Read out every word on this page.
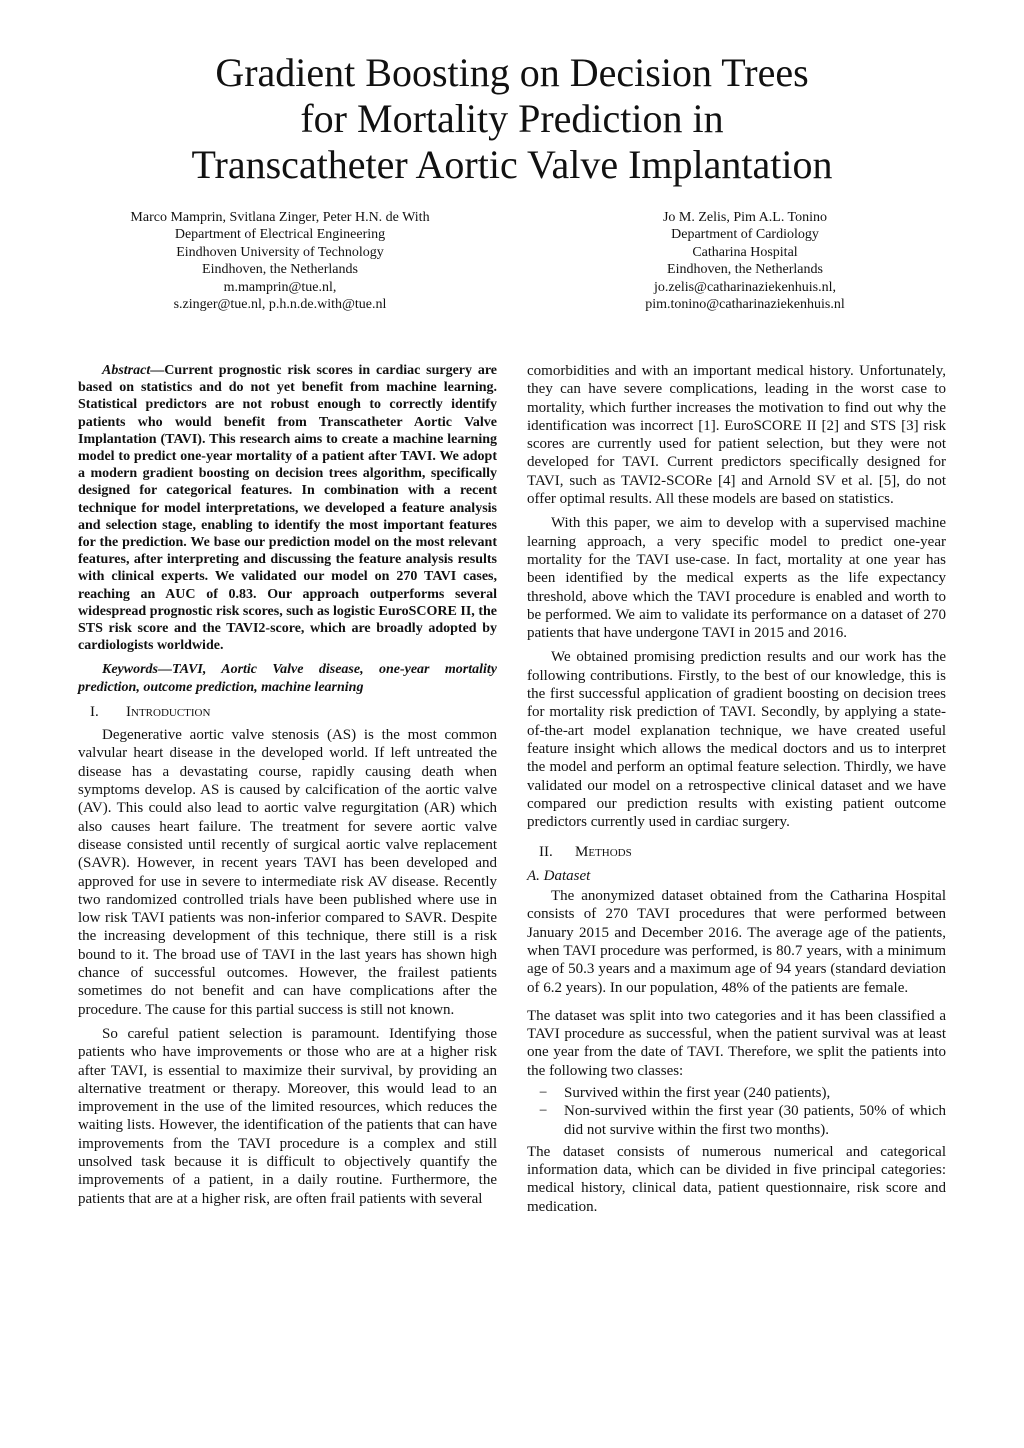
Gradient Boosting on Decision Trees
for Mortality Prediction in
Transcatheter Aortic Valve Implantation
Marco Mamprin, Svitlana Zinger, Peter H.N. de With
Department of Electrical Engineering
Eindhoven University of Technology
Eindhoven, the Netherlands
m.mamprin@tue.nl,
s.zinger@tue.nl, p.h.n.de.with@tue.nl
Jo M. Zelis, Pim A.L. Tonino
Department of Cardiology
Catharina Hospital
Eindhoven, the Netherlands
jo.zelis@catharinaziekenhuis.nl,
pim.tonino@catharinaziekenhuis.nl

Abstract—Current prognostic risk scores in cardiac surgery are based on statistics and do not yet benefit from machine learning. Statistical predictors are not robust enough to correctly identify patients who would benefit from Transcatheter Aortic Valve Implantation (TAVI). This research aims to create a machine learning model to predict one-year mortality of a patient after TAVI. We adopt a modern gradient boosting on decision trees algorithm, specifically designed for categorical features. In combination with a recent technique for model interpretations, we developed a feature analysis and selection stage, enabling to identify the most important features for the prediction. We base our prediction model on the most relevant features, after interpreting and discussing the feature analysis results with clinical experts. We validated our model on 270 TAVI cases, reaching an AUC of 0.83. Our approach outperforms several widespread prognostic risk scores, such as logistic EuroSCORE II, the STS risk score and the TAVI2-score, which are broadly adopted by cardiologists worldwide.

Keywords—TAVI, Aortic Valve disease, one-year mortality prediction, outcome prediction, machine learning

I. Introduction

Degenerative aortic valve stenosis (AS) is the most common valvular heart disease in the developed world. If left untreated the disease has a devastating course, rapidly causing death when symptoms develop. AS is caused by calcification of the aortic valve (AV). This could also lead to aortic valve regurgitation (AR) which also causes heart failure. The treatment for severe aortic valve disease consisted until recently of surgical aortic valve replacement (SAVR). However, in recent years TAVI has been developed and approved for use in severe to intermediate risk AV disease. Recently two randomized controlled trials have been published where use in low risk TAVI patients was non-inferior compared to SAVR. Despite the increasing development of this technique, there still is a risk bound to it. The broad use of TAVI in the last years has shown high chance of successful outcomes. However, the frailest patients sometimes do not benefit and can have complications after the procedure. The cause for this partial success is still not known.

So careful patient selection is paramount. Identifying those patients who have improvements or those who are at a higher risk after TAVI, is essential to maximize their survival, by providing an alternative treatment or therapy. Moreover, this would lead to an improvement in the use of the limited resources, which reduces the waiting lists. However, the identification of the patients that can have improvements from the TAVI procedure is a complex and still unsolved task because it is difficult to objectively quantify the improvements of a patient, in a daily routine. Furthermore, the patients that are at a higher risk, are often frail patients with several

comorbidities and with an important medical history. Unfortunately, they can have severe complications, leading in the worst case to mortality, which further increases the motivation to find out why the identification was incorrect [1]. EuroSCORE II [2] and STS [3] risk scores are currently used for patient selection, but they were not developed for TAVI. Current predictors specifically designed for TAVI, such as TAVI2-SCORe [4] and Arnold SV et al. [5], do not offer optimal results. All these models are based on statistics.

With this paper, we aim to develop with a supervised machine learning approach, a very specific model to predict one-year mortality for the TAVI use-case. In fact, mortality at one year has been identified by the medical experts as the life expectancy threshold, above which the TAVI procedure is enabled and worth to be performed. We aim to validate its performance on a dataset of 270 patients that have undergone TAVI in 2015 and 2016.

We obtained promising prediction results and our work has the following contributions. Firstly, to the best of our knowledge, this is the first successful application of gradient boosting on decision trees for mortality risk prediction of TAVI. Secondly, by applying a state-of-the-art model explanation technique, we have created useful feature insight which allows the medical doctors and us to interpret the model and perform an optimal feature selection. Thirdly, we have validated our model on a retrospective clinical dataset and we have compared our prediction results with existing patient outcome predictors currently used in cardiac surgery.

II. Methods
A. Dataset

The anonymized dataset obtained from the Catharina Hospital consists of 270 TAVI procedures that were performed between January 2015 and December 2016. The average age of the patients, when TAVI procedure was performed, is 80.7 years, with a minimum age of 50.3 years and a maximum age of 94 years (standard deviation of 6.2 years). In our population, 48% of the patients are female.

The dataset was split into two categories and it has been classified a TAVI procedure as successful, when the patient survival was at least one year from the date of TAVI. Therefore, we split the patients into the following two classes:

− Survived within the first year (240 patients),
− Non-survived within the first year (30 patients, 50% of which did not survive within the first two months).

The dataset consists of numerous numerical and categorical information data, which can be divided in five principal categories: medical history, clinical data, patient questionnaire, risk score and medication.
